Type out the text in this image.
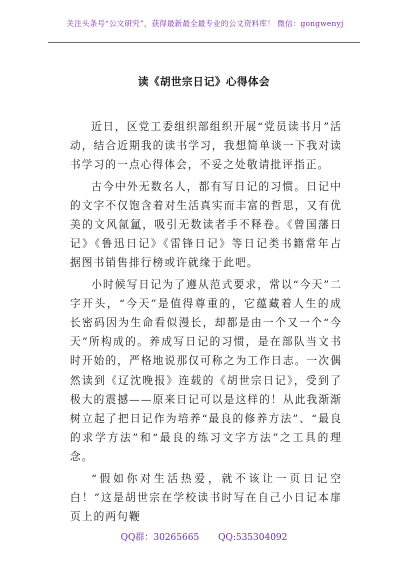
关注头条号“公文研究”，获得最新最全最专业的公文资料库！ 微信：gongwenyj
读《胡世宗日记》心得体会

近日，区党工委组织部组织开展“党员读书月”活动，结合近期我的读书学习，我想简单谈一下我对读书学习的一点心得体会，不妥之处敬请批评指正。

古今中外无数名人，都有写日记的习惯。日记中的文字不仅饱含着对生活真实而丰富的哲思，又有优美的文风氤氲，吸引无数读者手不释卷。《曾国藩日记》《鲁迅日记》《雷锋日记》等日记类书籍常年占据图书销售排行榜或许就缘于此吧。

小时候写日记为了遵从范式要求，常以“今天”二字开头，“今天”是值得尊重的，它蕴藏着人生的成长密码因为生命看似漫长，却都是由一个又一个“今天”所构成的。养成写日记的习惯，是在部队当文书时开始的，严格地说那仅可称之为工作日志。一次偶然读到《辽沈晚报》连载的《胡世宗日记》，受到了极大的震撼——原来日记可以是这样的！从此我渐渐树立起了把日记作为培养“最良的修养方法”、“最良的求学方法”和“最良的练习文字方法”之工具的理念。

“假如你对生活热爱，就不该让一页日记空白！”这是胡世宗在学校读书时写在自己小日记本扉页上的两句鞭

QQ群：30265665 QQ:535304092
